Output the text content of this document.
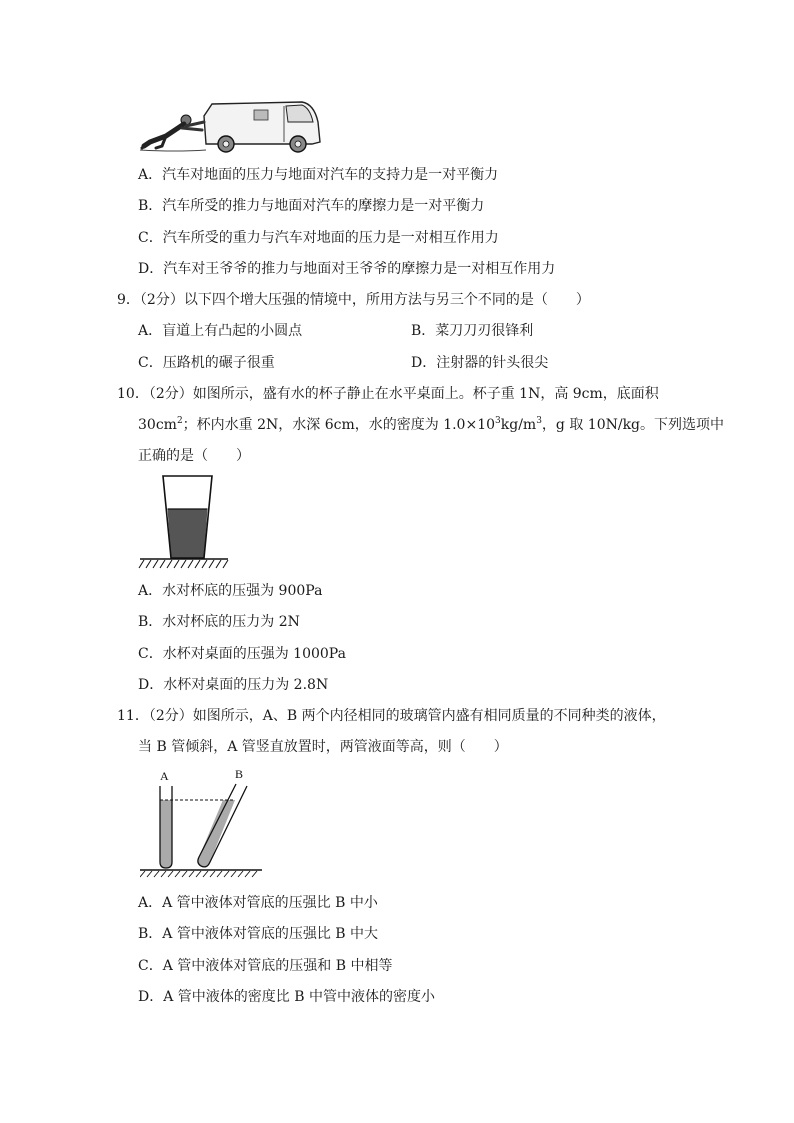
A．汽车对地面的压力与地面对汽车的支持力是一对平衡力
B．汽车所受的推力与地面对汽车的摩擦力是一对平衡力
C．汽车所受的重力与汽车对地面的压力是一对相互作用力
D．汽车对王爷爷的推力与地面对王爷爷的摩擦力是一对相互作用力
9．（2分）以下四个增大压强的情境中，所用方法与另三个不同的是（　　）
A．盲道上有凸起的小圆点	B．菜刀刀刃很锋利
C．压路机的碾子很重	D．注射器的针头很尖
10．（2分）如图所示，盛有水的杯子静止在水平桌面上。杯子重 1N，高 9cm，底面积
$30cm^2$；杯内水重 2N，水深 6cm，水的密度为 $1.0\times 10^3kg/m^3$，g 取 10N/kg。下列选项中
正确的是（　　）
A．水对杯底的压强为 900Pa
B．水对杯底的压力为 2N
C．水杯对桌面的压强为 1000Pa
D．水杯对桌面的压力为 2.8N
11．（2分）如图所示，A、B 两个内径相同的玻璃管内盛有相同质量的不同种类的液体，
当 B 管倾斜，A 管竖直放置时，两管液面等高，则（　　）
A	B
A．A 管中液体对管底的压强比 B 中小
B．A 管中液体对管底的压强比 B 中大
C．A 管中液体对管底的压强和 B 中相等
D．A 管中液体的密度比 B 中管中液体的密度小
